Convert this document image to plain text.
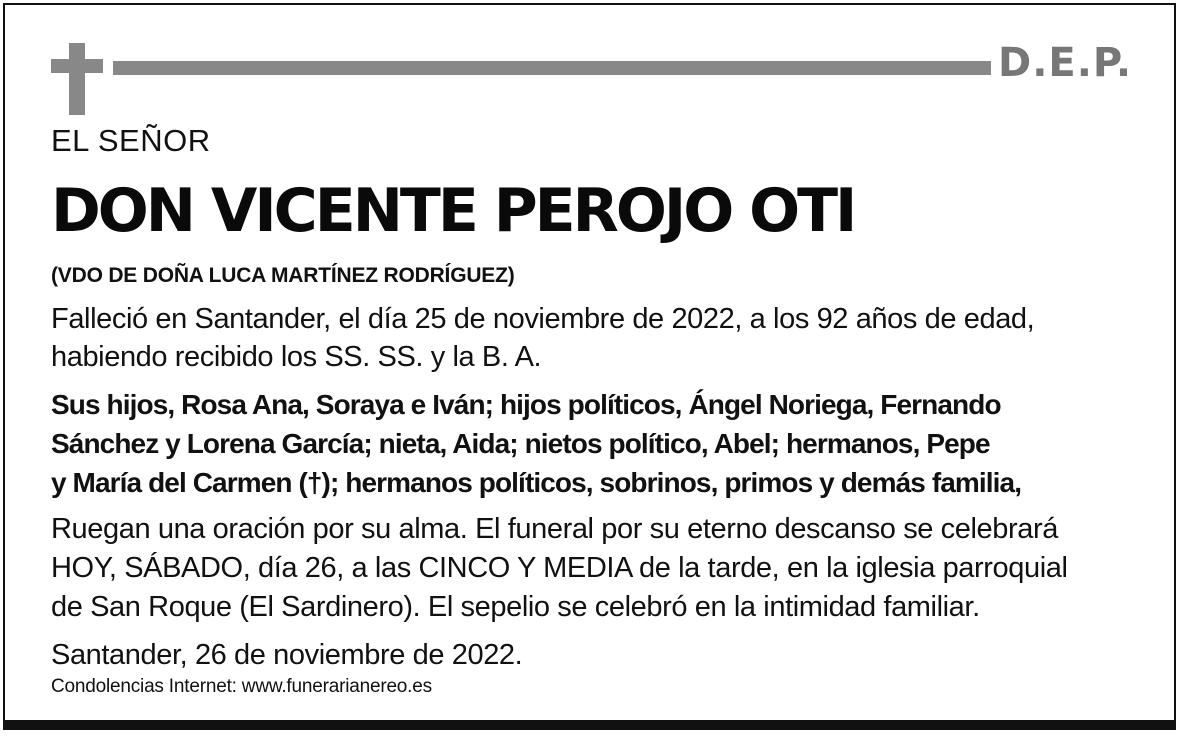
D.E.P.
EL SEÑOR
DON VICENTE PEROJO OTI
(VDO DE DOÑA LUCA MARTÍNEZ RODRÍGUEZ)
Falleció en Santander, el día 25 de noviembre de 2022, a los 92 años de edad,
habiendo recibido los SS. SS. y la B. A.
Sus hijos, Rosa Ana, Soraya e Iván; hijos políticos, Ángel Noriega, Fernando
Sánchez y Lorena García; nieta, Aida; nietos político, Abel; hermanos, Pepe
y María del Carmen (†); hermanos políticos, sobrinos, primos y demás familia,
Ruegan una oración por su alma. El funeral por su eterno descanso se celebrará
HOY, SÁBADO, día 26, a las CINCO Y MEDIA de la tarde, en la iglesia parroquial
de San Roque (El Sardinero). El sepelio se celebró en la intimidad familiar.
Santander, 26 de noviembre de 2022.
Condolencias Internet: www.funerarianereo.es
